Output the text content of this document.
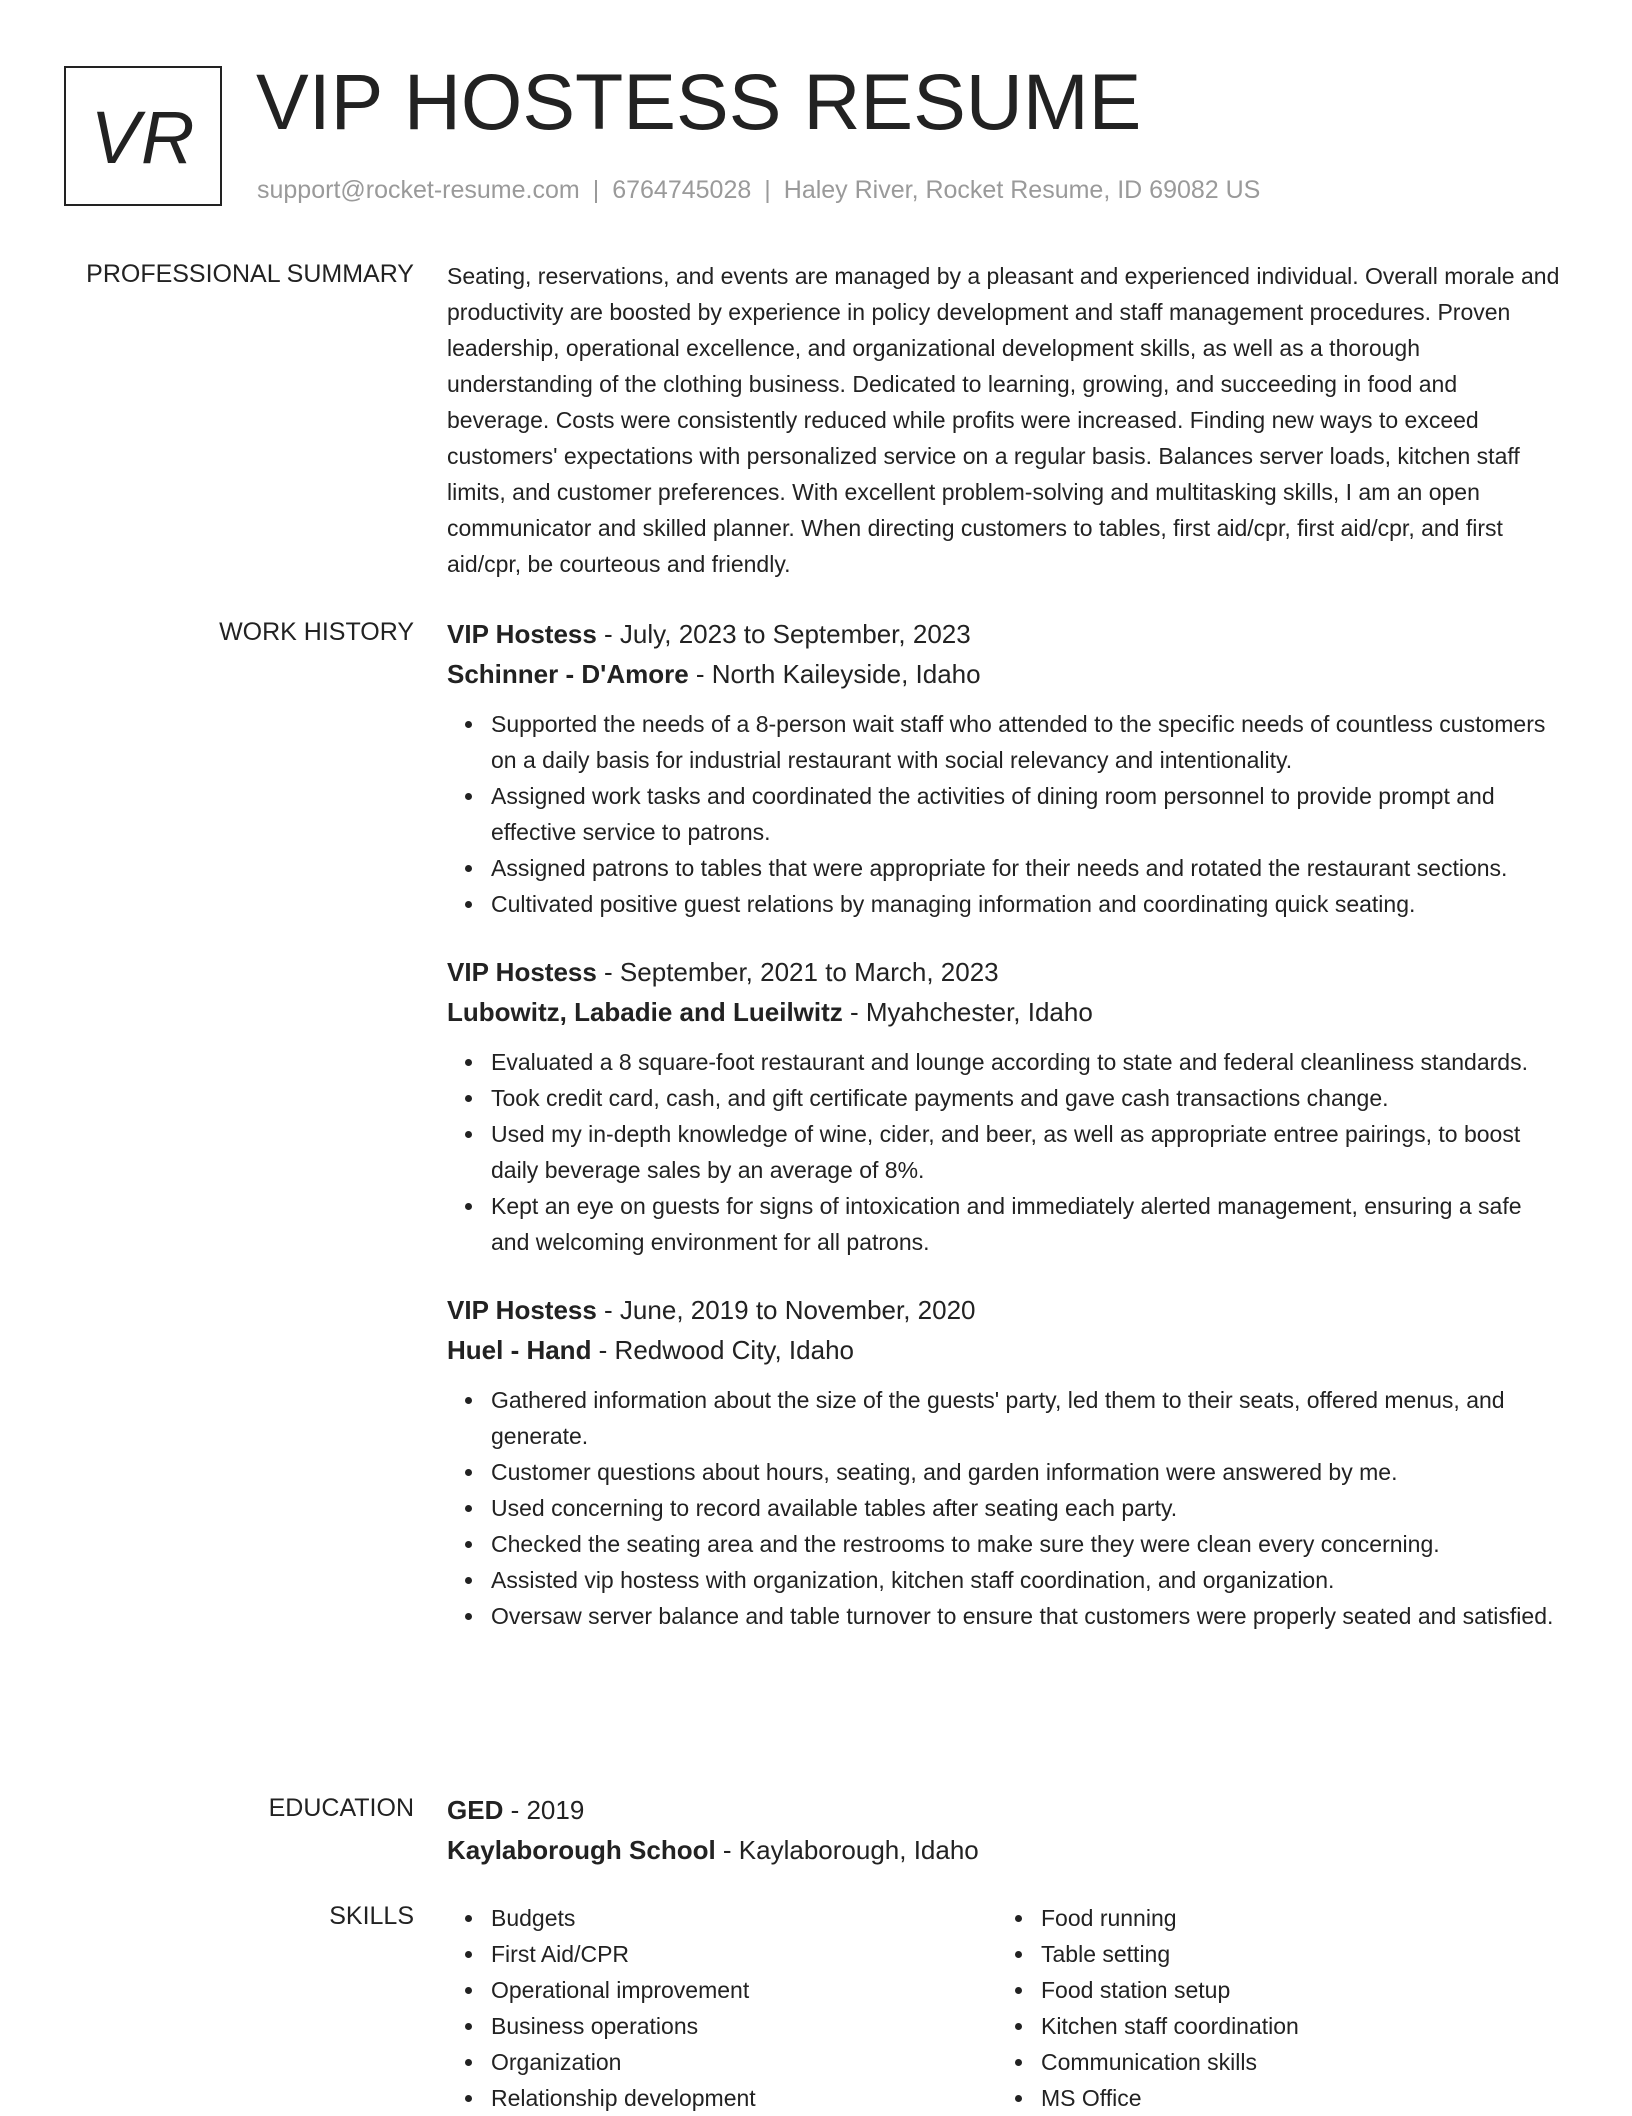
VR VIP HOSTESS RESUME
support@rocket-resume.com | 6764745028 | Haley River, Rocket Resume, ID 69082 US
PROFESSIONAL SUMMARY Seating, reservations, and events are managed by a pleasant and experienced individual. Overall morale and productivity are boosted by experience in policy development and staff management procedures. Proven leadership, operational excellence, and organizational development skills, as well as a thorough understanding of the clothing business. Dedicated to learning, growing, and succeeding in food and beverage. Costs were consistently reduced while profits were increased. Finding new ways to exceed customers' expectations with personalized service on a regular basis. Balances server loads, kitchen staff limits, and customer preferences. With excellent problem-solving and multitasking skills, I am an open communicator and skilled planner. When directing customers to tables, first aid/cpr, first aid/cpr, and first aid/cpr, be courteous and friendly.

WORK HISTORY VIP Hostess - July, 2023 to September, 2023
Schinner - D'Amore - North Kaileyside, Idaho
Supported the needs of a 8-person wait staff who attended to the specific needs of countless customers on a daily basis for industrial restaurant with social relevancy and intentionality.
Assigned work tasks and coordinated the activities of dining room personnel to provide prompt and effective service to patrons.
Assigned patrons to tables that were appropriate for their needs and rotated the restaurant sections.
Cultivated positive guest relations by managing information and coordinating quick seating.
VIP Hostess - September, 2021 to March, 2023
Lubowitz, Labadie and Lueilwitz - Myahchester, Idaho
Evaluated a 8 square-foot restaurant and lounge according to state and federal cleanliness standards.
Took credit card, cash, and gift certificate payments and gave cash transactions change.
Used my in-depth knowledge of wine, cider, and beer, as well as appropriate entree pairings, to boost daily beverage sales by an average of 8%.
Kept an eye on guests for signs of intoxication and immediately alerted management, ensuring a safe and welcoming environment for all patrons.
VIP Hostess - June, 2019 to November, 2020
Huel - Hand - Redwood City, Idaho
Gathered information about the size of the guests' party, led them to their seats, offered menus, and generate.
Customer questions about hours, seating, and garden information were answered by me.
Used concerning to record available tables after seating each party.
Checked the seating area and the restrooms to make sure they were clean every concerning.
Assisted vip hostess with organization, kitchen staff coordination, and organization.
Oversaw server balance and table turnover to ensure that customers were properly seated and satisfied.
EDUCATION GED - 2019
Kaylaborough School - Kaylaborough, Idaho
SKILLS	Budgets
First Aid/CPR
Operational improvement
Business operations
Organization
Relationship development
Food running
Table setting
Food station setup
Kitchen staff coordination
Communication skills
MS Office
